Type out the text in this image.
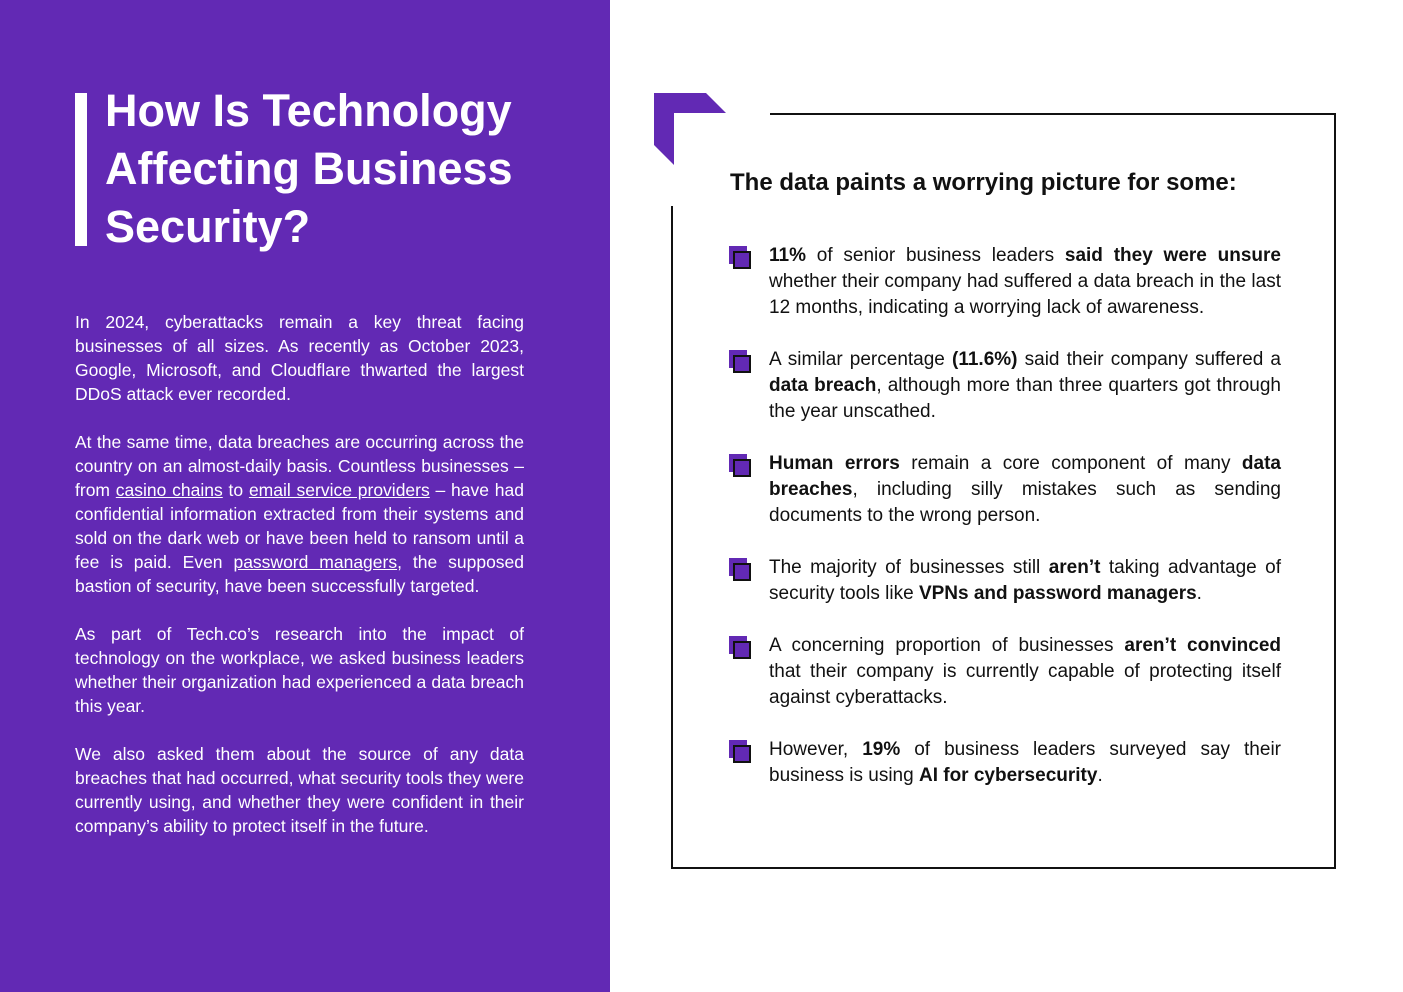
How Is Technology
Affecting Business
Security?

In 2024, cyberattacks remain a key threat facing businesses of all sizes. As recently as October 2023, Google, Microsoft, and Cloudflare thwarted the largest DDoS attack ever recorded.

At the same time, data breaches are occurring across the country on an almost-daily basis. Countless businesses – from casino chains to email service providers – have had confidential information extracted from their systems and sold on the dark web or have been held to ransom until a fee is paid. Even password managers, the supposed bastion of security, have been successfully targeted.

As part of Tech.co’s research into the impact of technology on the workplace, we asked business leaders whether their organization had experienced a data breach this year.

We also asked them about the source of any data breaches that had occurred, what security tools they were currently using, and whether they were confident in their company’s ability to protect itself in the future.

The data paints a worrying picture for some:
11% of senior business leaders said they were unsure whether their company had suffered a data breach in the last 12 months, indicating a worrying lack of awareness.
A similar percentage (11.6%) said their company suffered a data breach, although more than three quarters got through the year unscathed.
Human errors remain a core component of many data breaches, including silly mistakes such as sending documents to the wrong person.
The majority of businesses still aren’t taking advantage of security tools like VPNs and password managers.
A concerning proportion of businesses aren’t convinced that their company is currently capable of protecting itself against cyberattacks.
However, 19% of business leaders surveyed say their business is using AI for cybersecurity.
